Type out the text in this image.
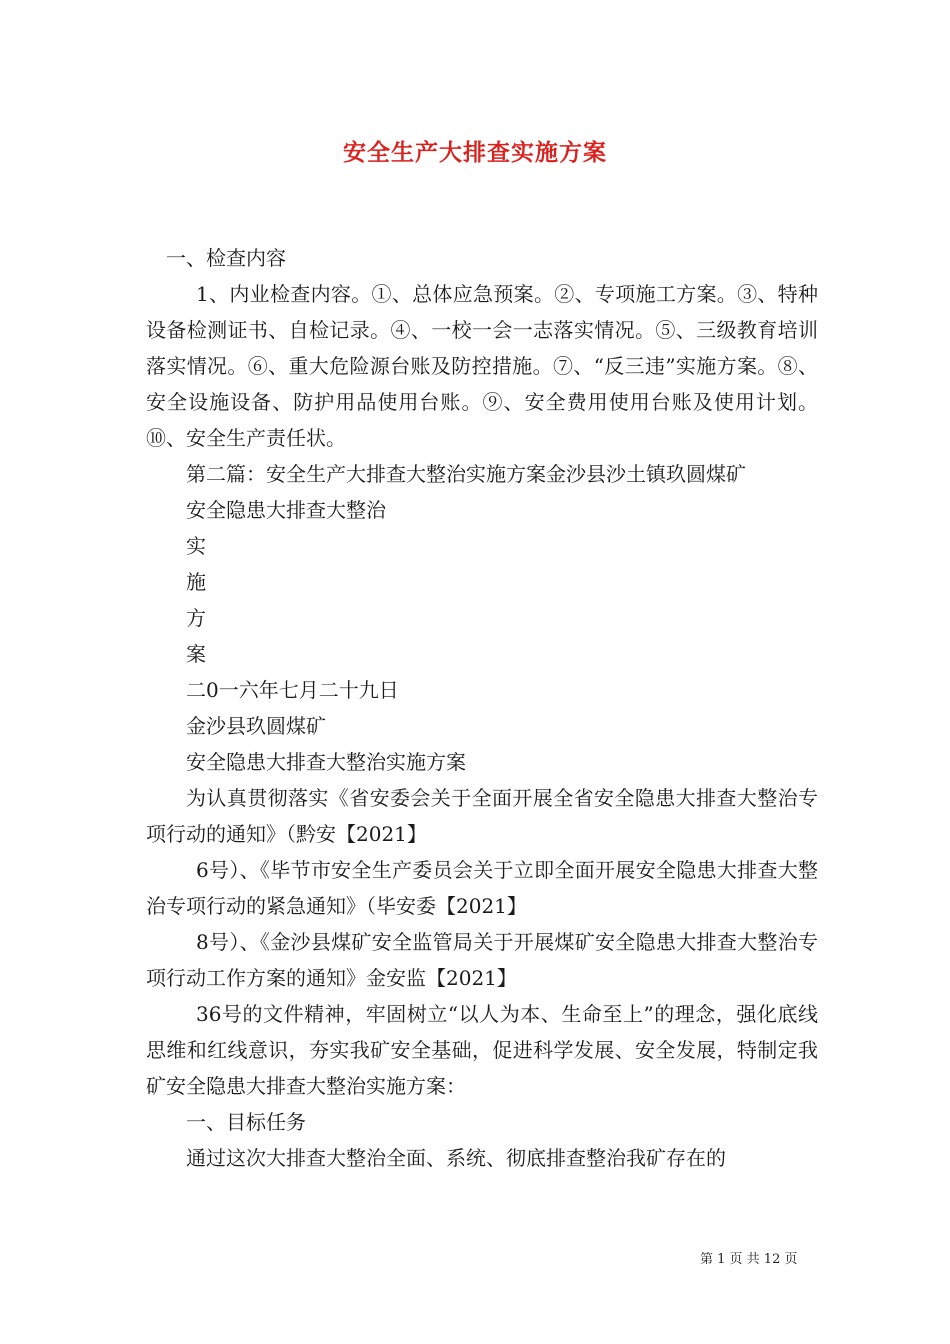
安全生产大排查实施方案

一、检查内容

1、内业检查内容。①、总体应急预案。②、专项施工方案。③、特种设备检测证书、自检记录。④、一校一会一志落实情况。⑤、三级教育培训落实情况。⑥、重大危险源台账及防控措施。⑦、“反三违”实施方案。⑧、安全设施设备、防护用品使用台账。⑨、安全费用使用台账及使用计划。⑩、安全生产责任状。

第二篇：安全生产大排查大整治实施方案金沙县沙土镇玖圆煤矿

安全隐患大排查大整治

实

施

方

案

二0一六年七月二十九日

金沙县玖圆煤矿

安全隐患大排查大整治实施方案

为认真贯彻落实《省安委会关于全面开展全省安全隐患大排查大整治专项行动的通知》（黔安【2021】

6号）、《毕节市安全生产委员会关于立即全面开展安全隐患大排查大整治专项行动的紧急通知》（毕安委【2021】

8号）、《金沙县煤矿安全监管局关于开展煤矿安全隐患大排查大整治专项行动工作方案的通知》金安监【2021】

36号的文件精神，牢固树立“以人为本、生命至上”的理念，强化底线思维和红线意识，夯实我矿安全基础，促进科学发展、安全发展，特制定我矿安全隐患大排查大整治实施方案：

一、目标任务

通过这次大排查大整治全面、系统、彻底排查整治我矿存在的

第 1 页 共 12 页
